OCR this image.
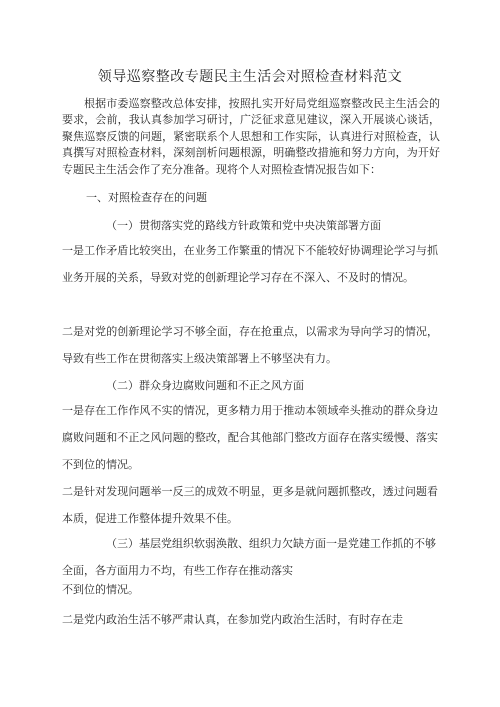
领导巡察整改专题民主生活会对照检查材料范文
根据市委巡察整改总体安排，按照扎实开好局党组巡察整改民主生活会的要求，会前，我认真参加学习研讨，广泛征求意见建议，深入开展谈心谈话，聚焦巡察反馈的问题，紧密联系个人思想和工作实际，认真进行对照检查，认真撰写对照检查材料，深刻剖析问题根源，明确整改措施和努力方向，为开好专题民主生活会作了充分准备。现将个人对照检查情况报告如下：
一、对照检查存在的问题
（一）贯彻落实党的路线方针政策和党中央决策部署方面
一是工作矛盾比较突出，在业务工作繁重的情况下不能较好协调理论学习与抓业务开展的关系，导致对党的创新理论学习存在不深入、不及时的情况。
二是对党的创新理论学习不够全面，存在抢重点，以需求为导向学习的情况，导致有些工作在贯彻落实上级决策部署上不够坚决有力。
（二）群众身边腐败问题和不正之风方面
一是存在工作作风不实的情况，更多精力用于推动本领域牵头推动的群众身边腐败问题和不正之风问题的整改，配合其他部门整改方面存在落实缓慢、落实不到位的情况。
二是针对发现问题举一反三的成效不明显，更多是就问题抓整改，透过问题看本质，促进工作整体提升效果不佳。
（三）基层党组织软弱涣散、组织力欠缺方面一是党建工作抓的不够全面，各方面用力不均，有些工作存在推动落实
不到位的情况。
二是党内政治生活不够严肃认真，在参加党内政治生活时，有时存在走
